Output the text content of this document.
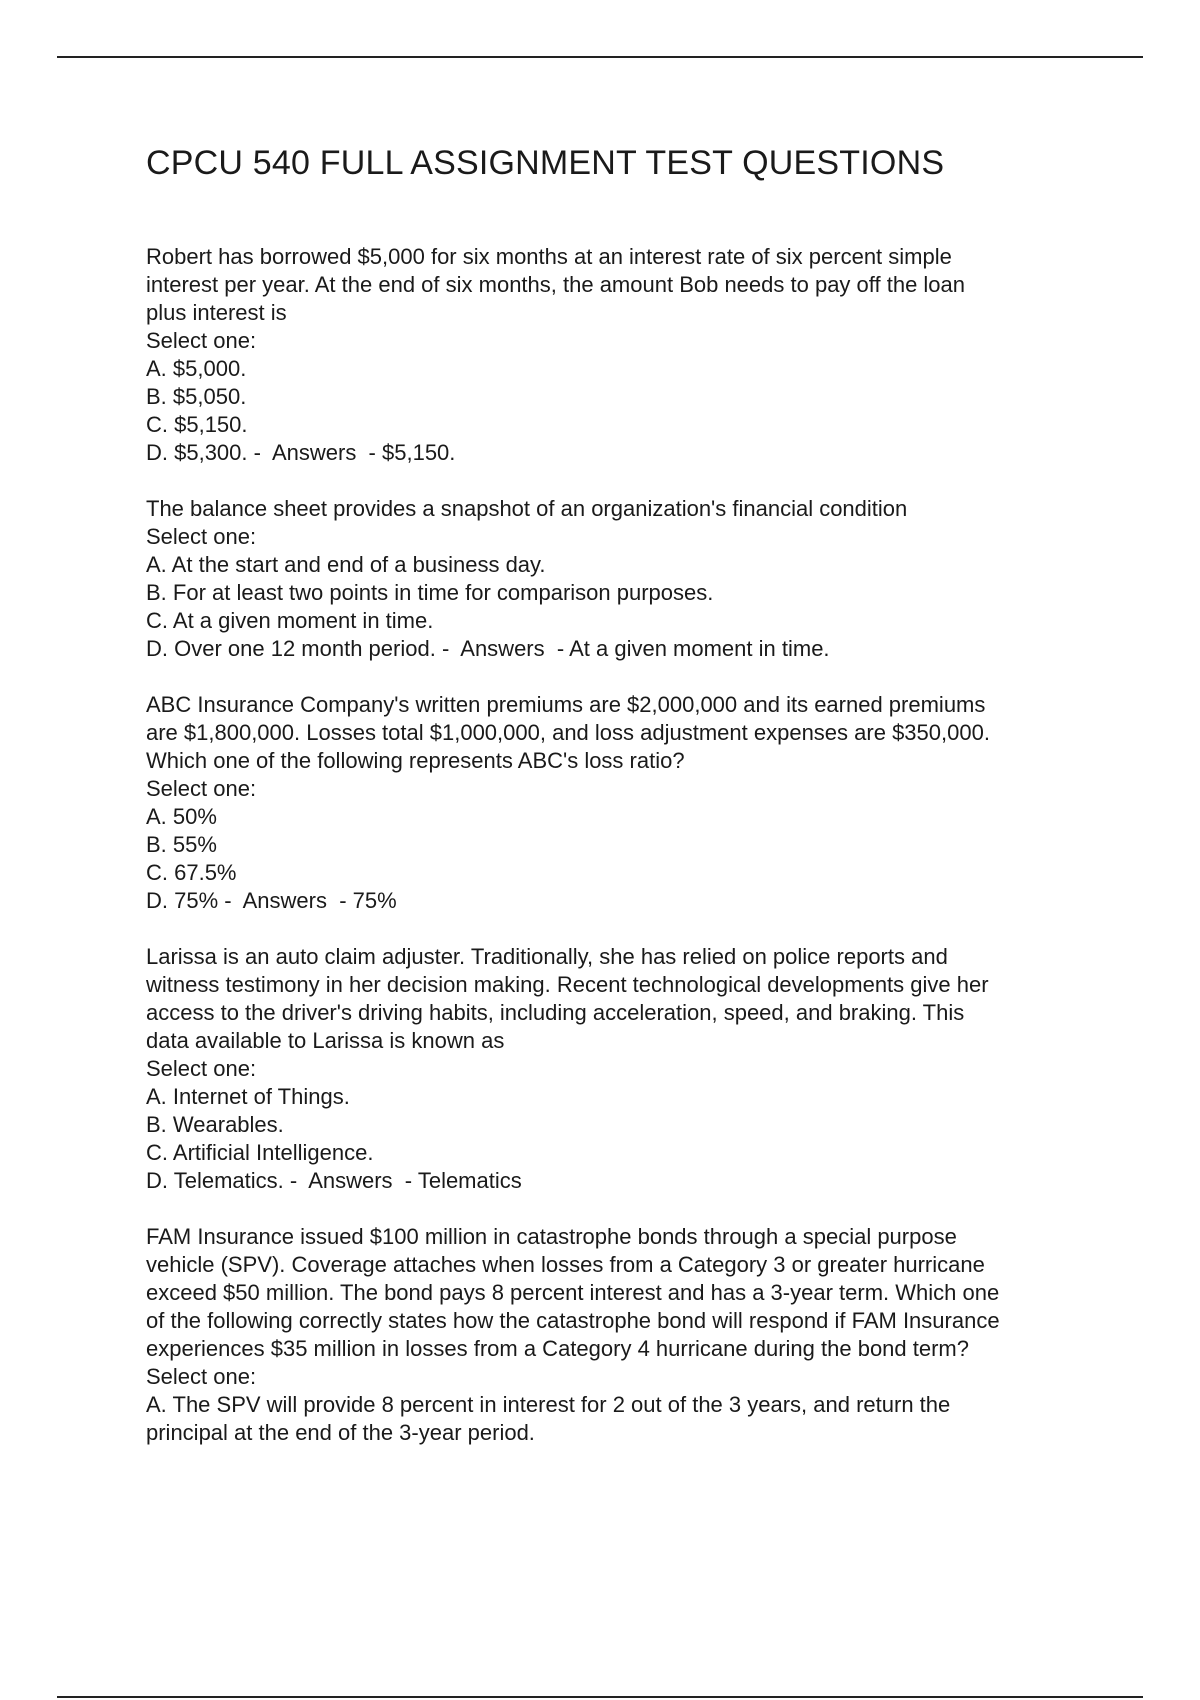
CPCU 540 FULL ASSIGNMENT TEST QUESTIONS
Robert has borrowed $5,000 for six months at an interest rate of six percent simple
interest per year. At the end of six months, the amount Bob needs to pay off the loan
plus interest is
Select one:
A. $5,000.
B. $5,050.
C. $5,150.
D. $5,300. -  Answers  - $5,150.
The balance sheet provides a snapshot of an organization's financial condition
Select one:
A. At the start and end of a business day.
B. For at least two points in time for comparison purposes.
C. At a given moment in time.
D. Over one 12 month period. -  Answers  - At a given moment in time.
ABC Insurance Company's written premiums are $2,000,000 and its earned premiums
are $1,800,000. Losses total $1,000,000, and loss adjustment expenses are $350,000.
Which one of the following represents ABC's loss ratio?
Select one:
A. 50%
B. 55%
C. 67.5%
D. 75% -  Answers  - 75%
Larissa is an auto claim adjuster. Traditionally, she has relied on police reports and
witness testimony in her decision making. Recent technological developments give her
access to the driver's driving habits, including acceleration, speed, and braking. This
data available to Larissa is known as
Select one:
A. Internet of Things.
B. Wearables.
C. Artificial Intelligence.
D. Telematics. -  Answers  - Telematics
FAM Insurance issued $100 million in catastrophe bonds through a special purpose
vehicle (SPV). Coverage attaches when losses from a Category 3 or greater hurricane
exceed $50 million. The bond pays 8 percent interest and has a 3-year term. Which one
of the following correctly states how the catastrophe bond will respond if FAM Insurance
experiences $35 million in losses from a Category 4 hurricane during the bond term?
Select one:
A. The SPV will provide 8 percent in interest for 2 out of the 3 years, and return the
principal at the end of the 3-year period.
